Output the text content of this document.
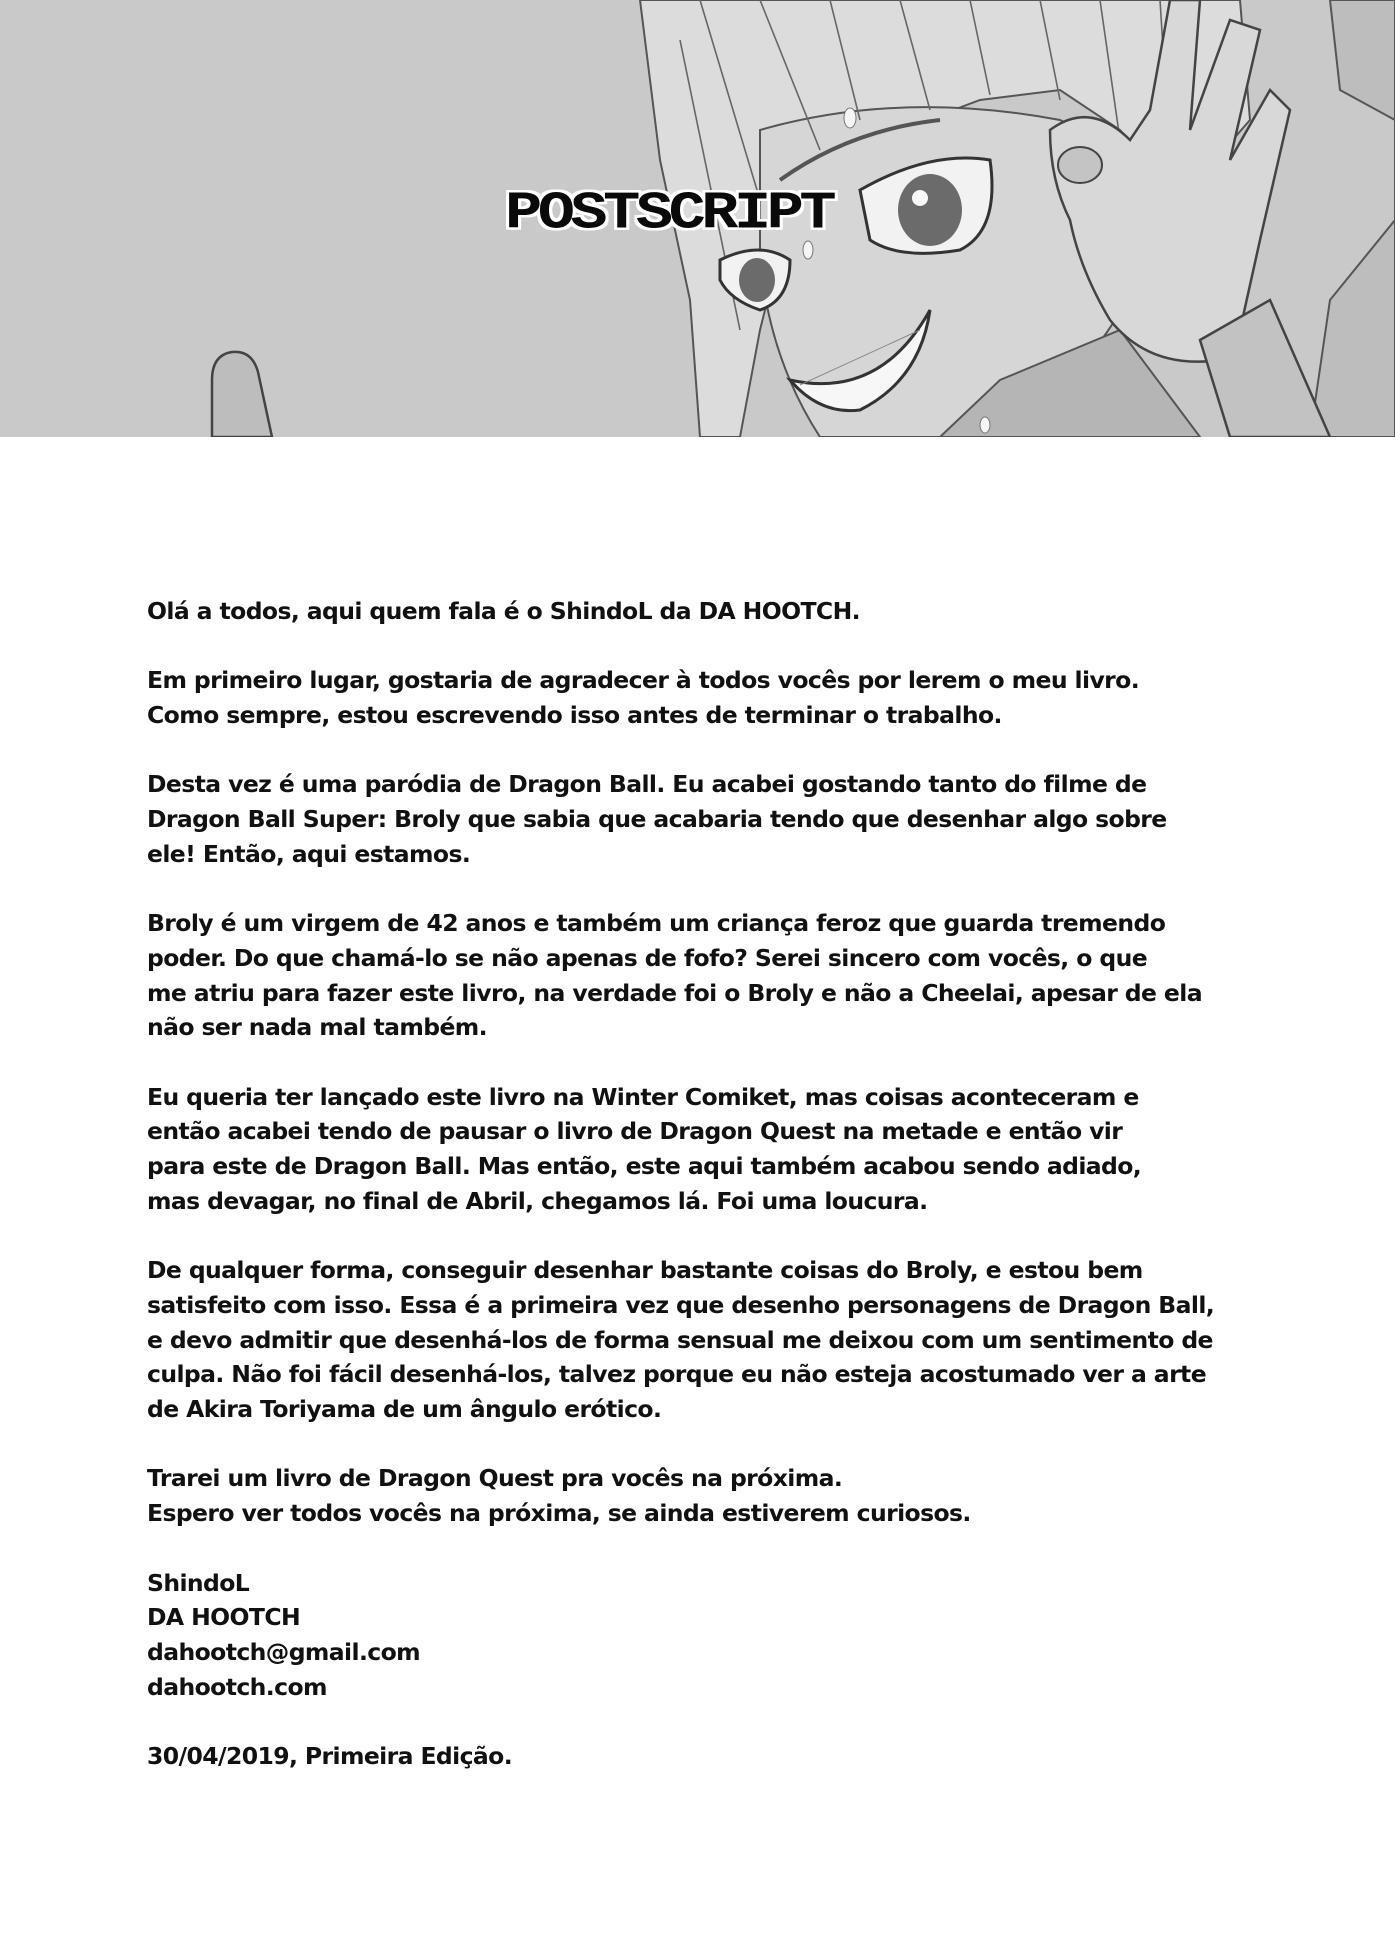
POSTSCRIPT

Olá a todos, aqui quem fala é o ShindoL da DA HOOTCH.

Em primeiro lugar, gostaria de agradecer à todos vocês por lerem o meu livro.
Como sempre, estou escrevendo isso antes de terminar o trabalho.

Desta vez é uma paródia de Dragon Ball. Eu acabei gostando tanto do filme de
Dragon Ball Super: Broly que sabia que acabaria tendo que desenhar algo sobre
ele! Então, aqui estamos.

Broly é um virgem de 42 anos e também um criança feroz que guarda tremendo
poder. Do que chamá-lo se não apenas de fofo? Serei sincero com vocês, o que
me atriu para fazer este livro, na verdade foi o Broly e não a Cheelai, apesar de ela
não ser nada mal também.

Eu queria ter lançado este livro na Winter Comiket, mas coisas aconteceram e
então acabei tendo de pausar o livro de Dragon Quest na metade e então vir
para este de Dragon Ball. Mas então, este aqui também acabou sendo adiado,
mas devagar, no final de Abril, chegamos lá. Foi uma loucura.

De qualquer forma, conseguir desenhar bastante coisas do Broly, e estou bem
satisfeito com isso. Essa é a primeira vez que desenho personagens de Dragon Ball,
e devo admitir que desenhá-los de forma sensual me deixou com um sentimento de
culpa. Não foi fácil desenhá-los, talvez porque eu não esteja acostumado ver a arte
de Akira Toriyama de um ângulo erótico.

Trarei um livro de Dragon Quest pra vocês na próxima.
Espero ver todos vocês na próxima, se ainda estiverem curiosos.

ShindoL
DA HOOTCH
dahootch@gmail.com
dahootch.com

30/04/2019, Primeira Edição.
